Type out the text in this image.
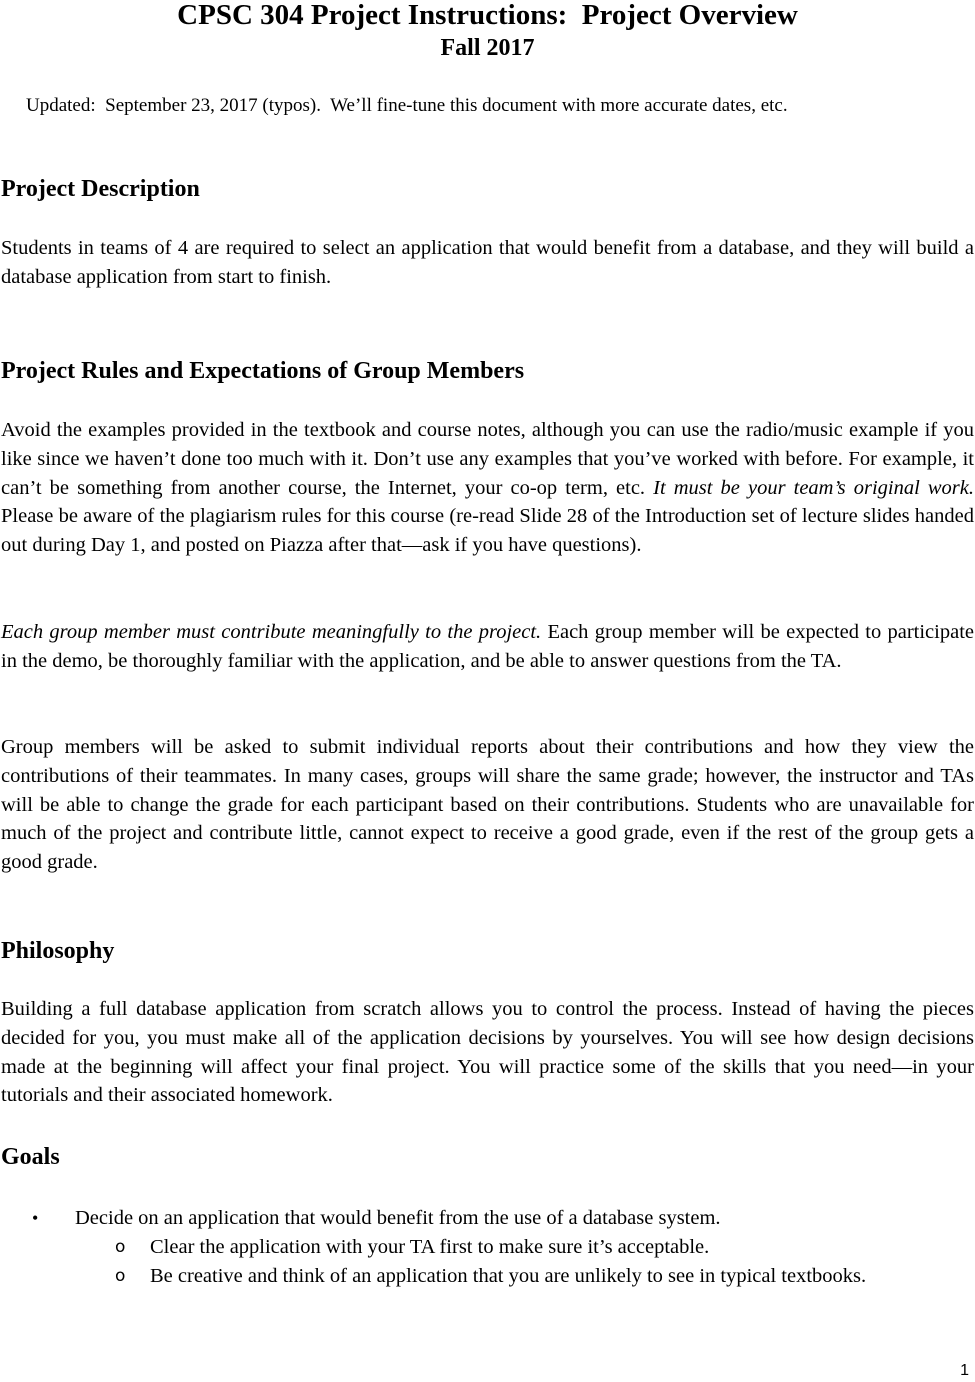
CPSC 304 Project Instructions:  Project Overview
Fall 2017
Updated:  September 23, 2017 (typos).  We’ll fine-tune this document with more accurate dates, etc.
Project Description

Students in teams of 4 are required to select an application that would benefit from a database, and they will build a database application from start to finish.

Project Rules and Expectations of Group Members

Avoid the examples provided in the textbook and course notes, although you can use the radio/music example if you like since we haven’t done too much with it. Don’t use any examples that you’ve worked with before. For example, it can’t be something from another course, the Internet, your co-op term, etc. It must be your team’s original work. Please be aware of the plagiarism rules for this course (re-read Slide 28 of the Introduction set of lecture slides handed out during Day 1, and posted on Piazza after that—ask if you have questions).

Each group member must contribute meaningfully to the project. Each group member will be expected to participate in the demo, be thoroughly familiar with the application, and be able to answer questions from the TA.

Group members will be asked to submit individual reports about their contributions and how they view the contributions of their teammates. In many cases, groups will share the same grade; however, the instructor and TAs will be able to change the grade for each participant based on their contributions. Students who are unavailable for much of the project and contribute little, cannot expect to receive a good grade, even if the rest of the group gets a good grade.

Philosophy

Building a full database application from scratch allows you to control the process. Instead of having the pieces decided for you, you must make all of the application decisions by yourselves. You will see how design decisions made at the beginning will affect your final project. You will practice some of the skills that you need—in your tutorials and their associated homework.

Goals
• Decide on an application that would benefit from the use of a database system.
o Clear the application with your TA first to make sure it’s acceptable.
o Be creative and think of an application that you are unlikely to see in typical textbooks.
1
